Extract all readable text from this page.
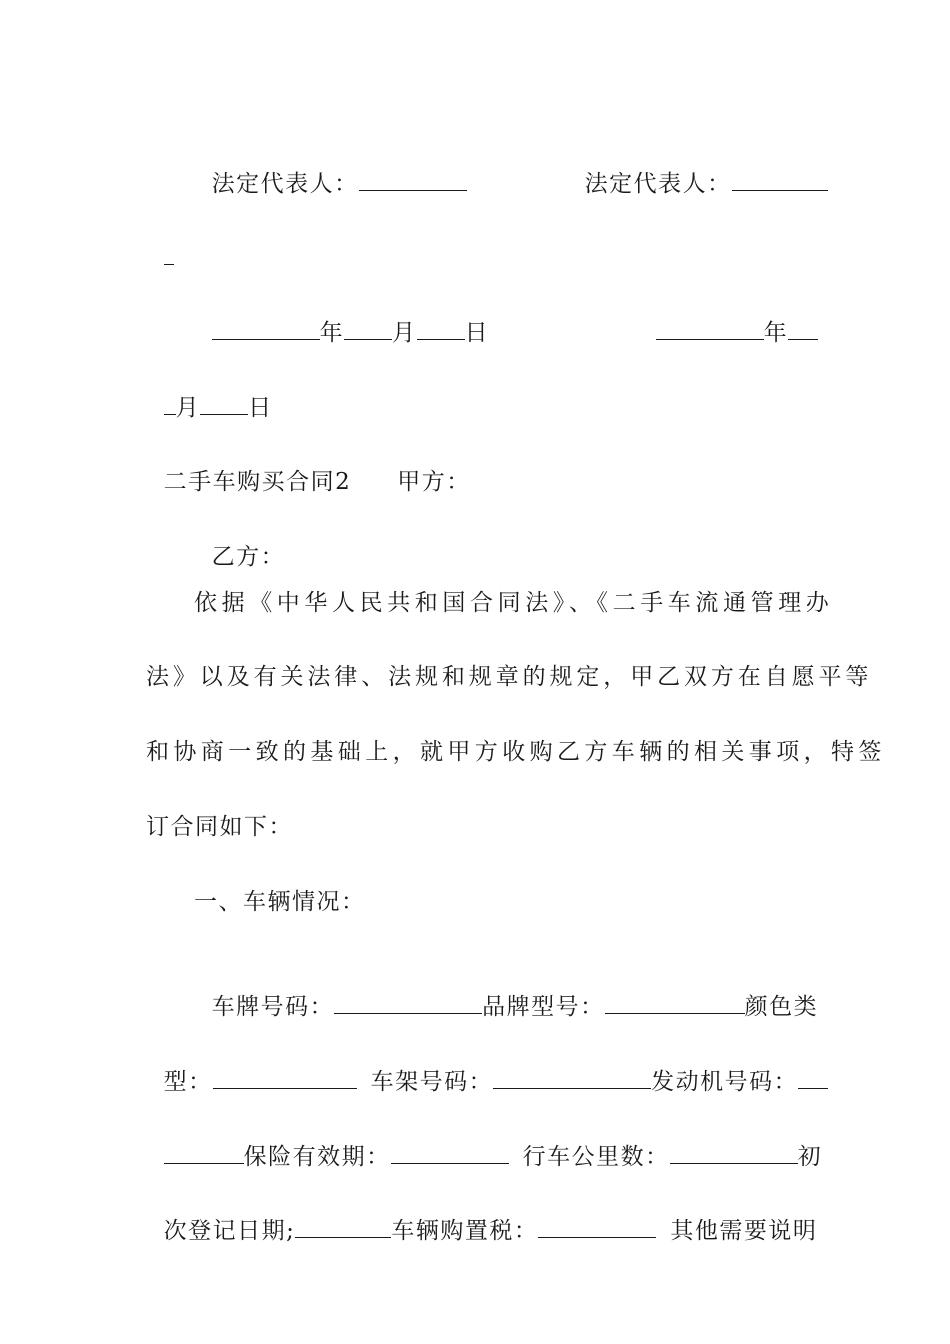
法定代表人：	法定代表人：

年 月 日	年

月 日

二手车购买合同2 甲方：

乙方：

依据《中华人民共和国合同法》、《二手车流通管理办
法》以及有关法律、法规和规章的规定，甲乙双方在自愿平等
和协商一致的基础上，就甲方收购乙方车辆的相关事项，特签
订合同如下：
一、车辆情况：

车牌号码：	品牌型号：	颜色类

型：	车架号码：	发动机号码：

保险有效期：	行车公里数：	初

次登记日期;	车辆购置税：	其他需要说明
